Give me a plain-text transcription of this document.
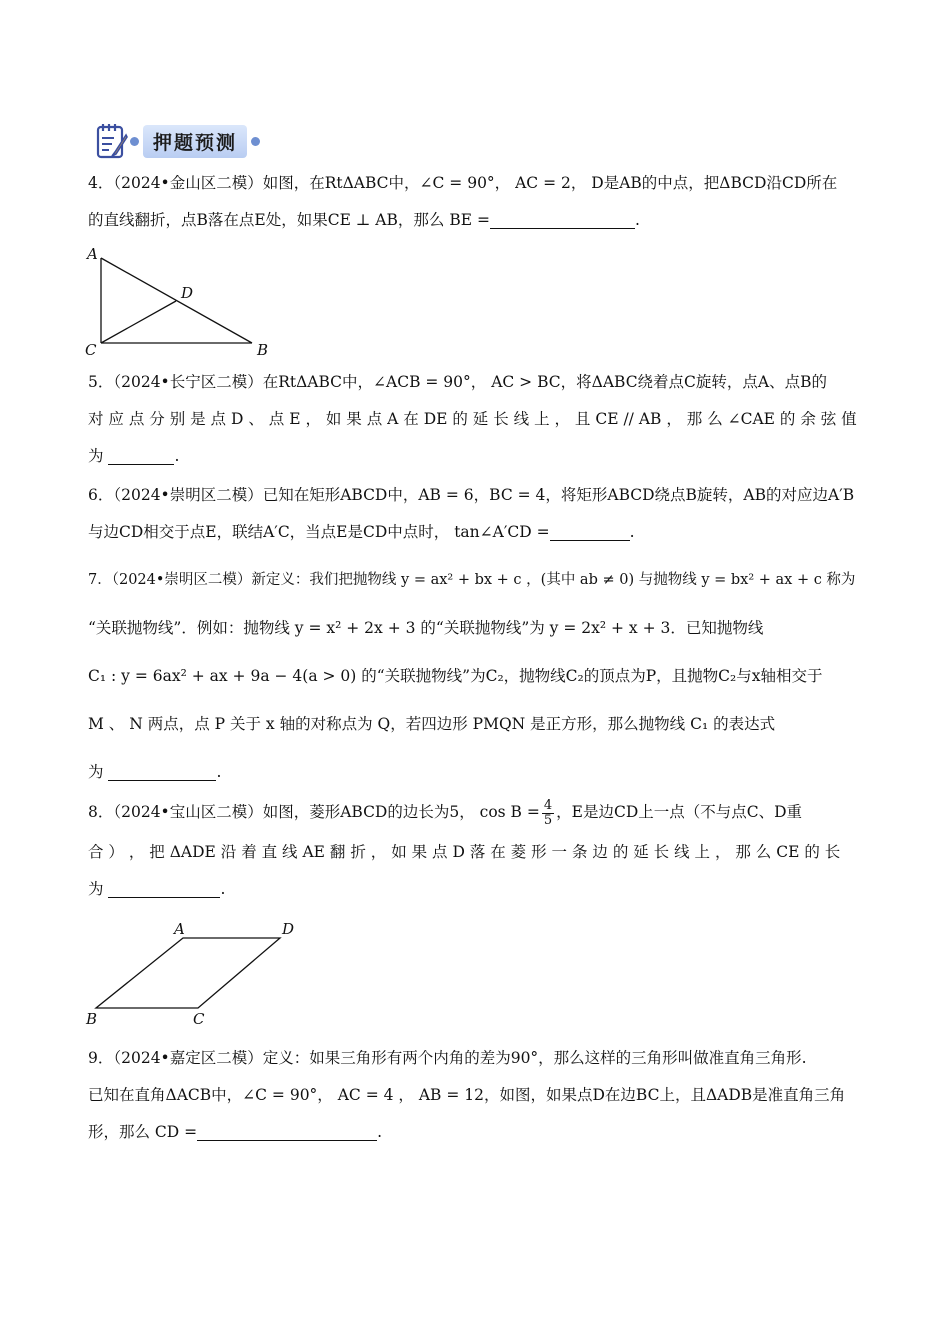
押题预测
4．（2024•金山区二模）如图，在RtΔABC中，∠C = 90°， AC = 2， D是AB的中点，把ΔBCD沿CD所在
的直线翻折，点B落在点E处，如果CE ⊥ AB，那么 BE =	.
A
D
C	B
5．（2024•长宁区二模）在RtΔABC中，∠ACB = 90°， AC > BC，将ΔABC绕着点C旋转，点A、点B的
对 应 点 分 别 是 点 D 、 点 E ， 如 果 点 A 在 DE 的 延 长 线 上 ， 且 CE // AB ， 那 么 ∠CAE 的 余 弦 值
为	.
6．（2024•崇明区二模）已知在矩形ABCD中，AB = 6，BC = 4，将矩形ABCD绕点B旋转，AB的对应边A′B
与边CD相交于点E，联结A′C，当点E是CD中点时， tan∠A′CD =	.
7．（2024•崇明区二模）新定义：我们把抛物线 y = ax² + bx + c ，(其中 ab ≠ 0) 与抛物线 y = bx² + ax + c 称为
“关联抛物线”．例如：抛物线 y = x² + 2x + 3 的“关联抛物线”为 y = 2x² + x + 3．已知抛物线
C₁ : y = 6ax² + ax + 9a − 4(a > 0) 的“关联抛物线”为C₂，抛物线C₂的顶点为P，且抛物C₂与x轴相交于
M 、 N 两点，点 P 关于 x 轴的对称点为 Q，若四边形 PMQN 是正方形，那么抛物线 C₁ 的表达式
为	.
8．（2024•宝山区二模）如图，菱形ABCD的边长为5， $\cos B = \frac{4}{5}$ ，E是边CD上一点（不与点C、D重
合 ） ， 把 ΔADE 沿 着 直 线 AE 翻 折 ， 如 果 点 D 落 在 菱 形 一 条 边 的 延 长 线 上 ， 那 么 CE 的 长
为	.
A	D
B	C
9．（2024•嘉定区二模）定义：如果三角形有两个内角的差为90°，那么这样的三角形叫做准直角三角形.
已知在直角ΔACB中，∠C = 90°， AC = 4 ， AB = 12，如图，如果点D在边BC上，且ΔADB是准直角三角
形，那么 CD =	.
